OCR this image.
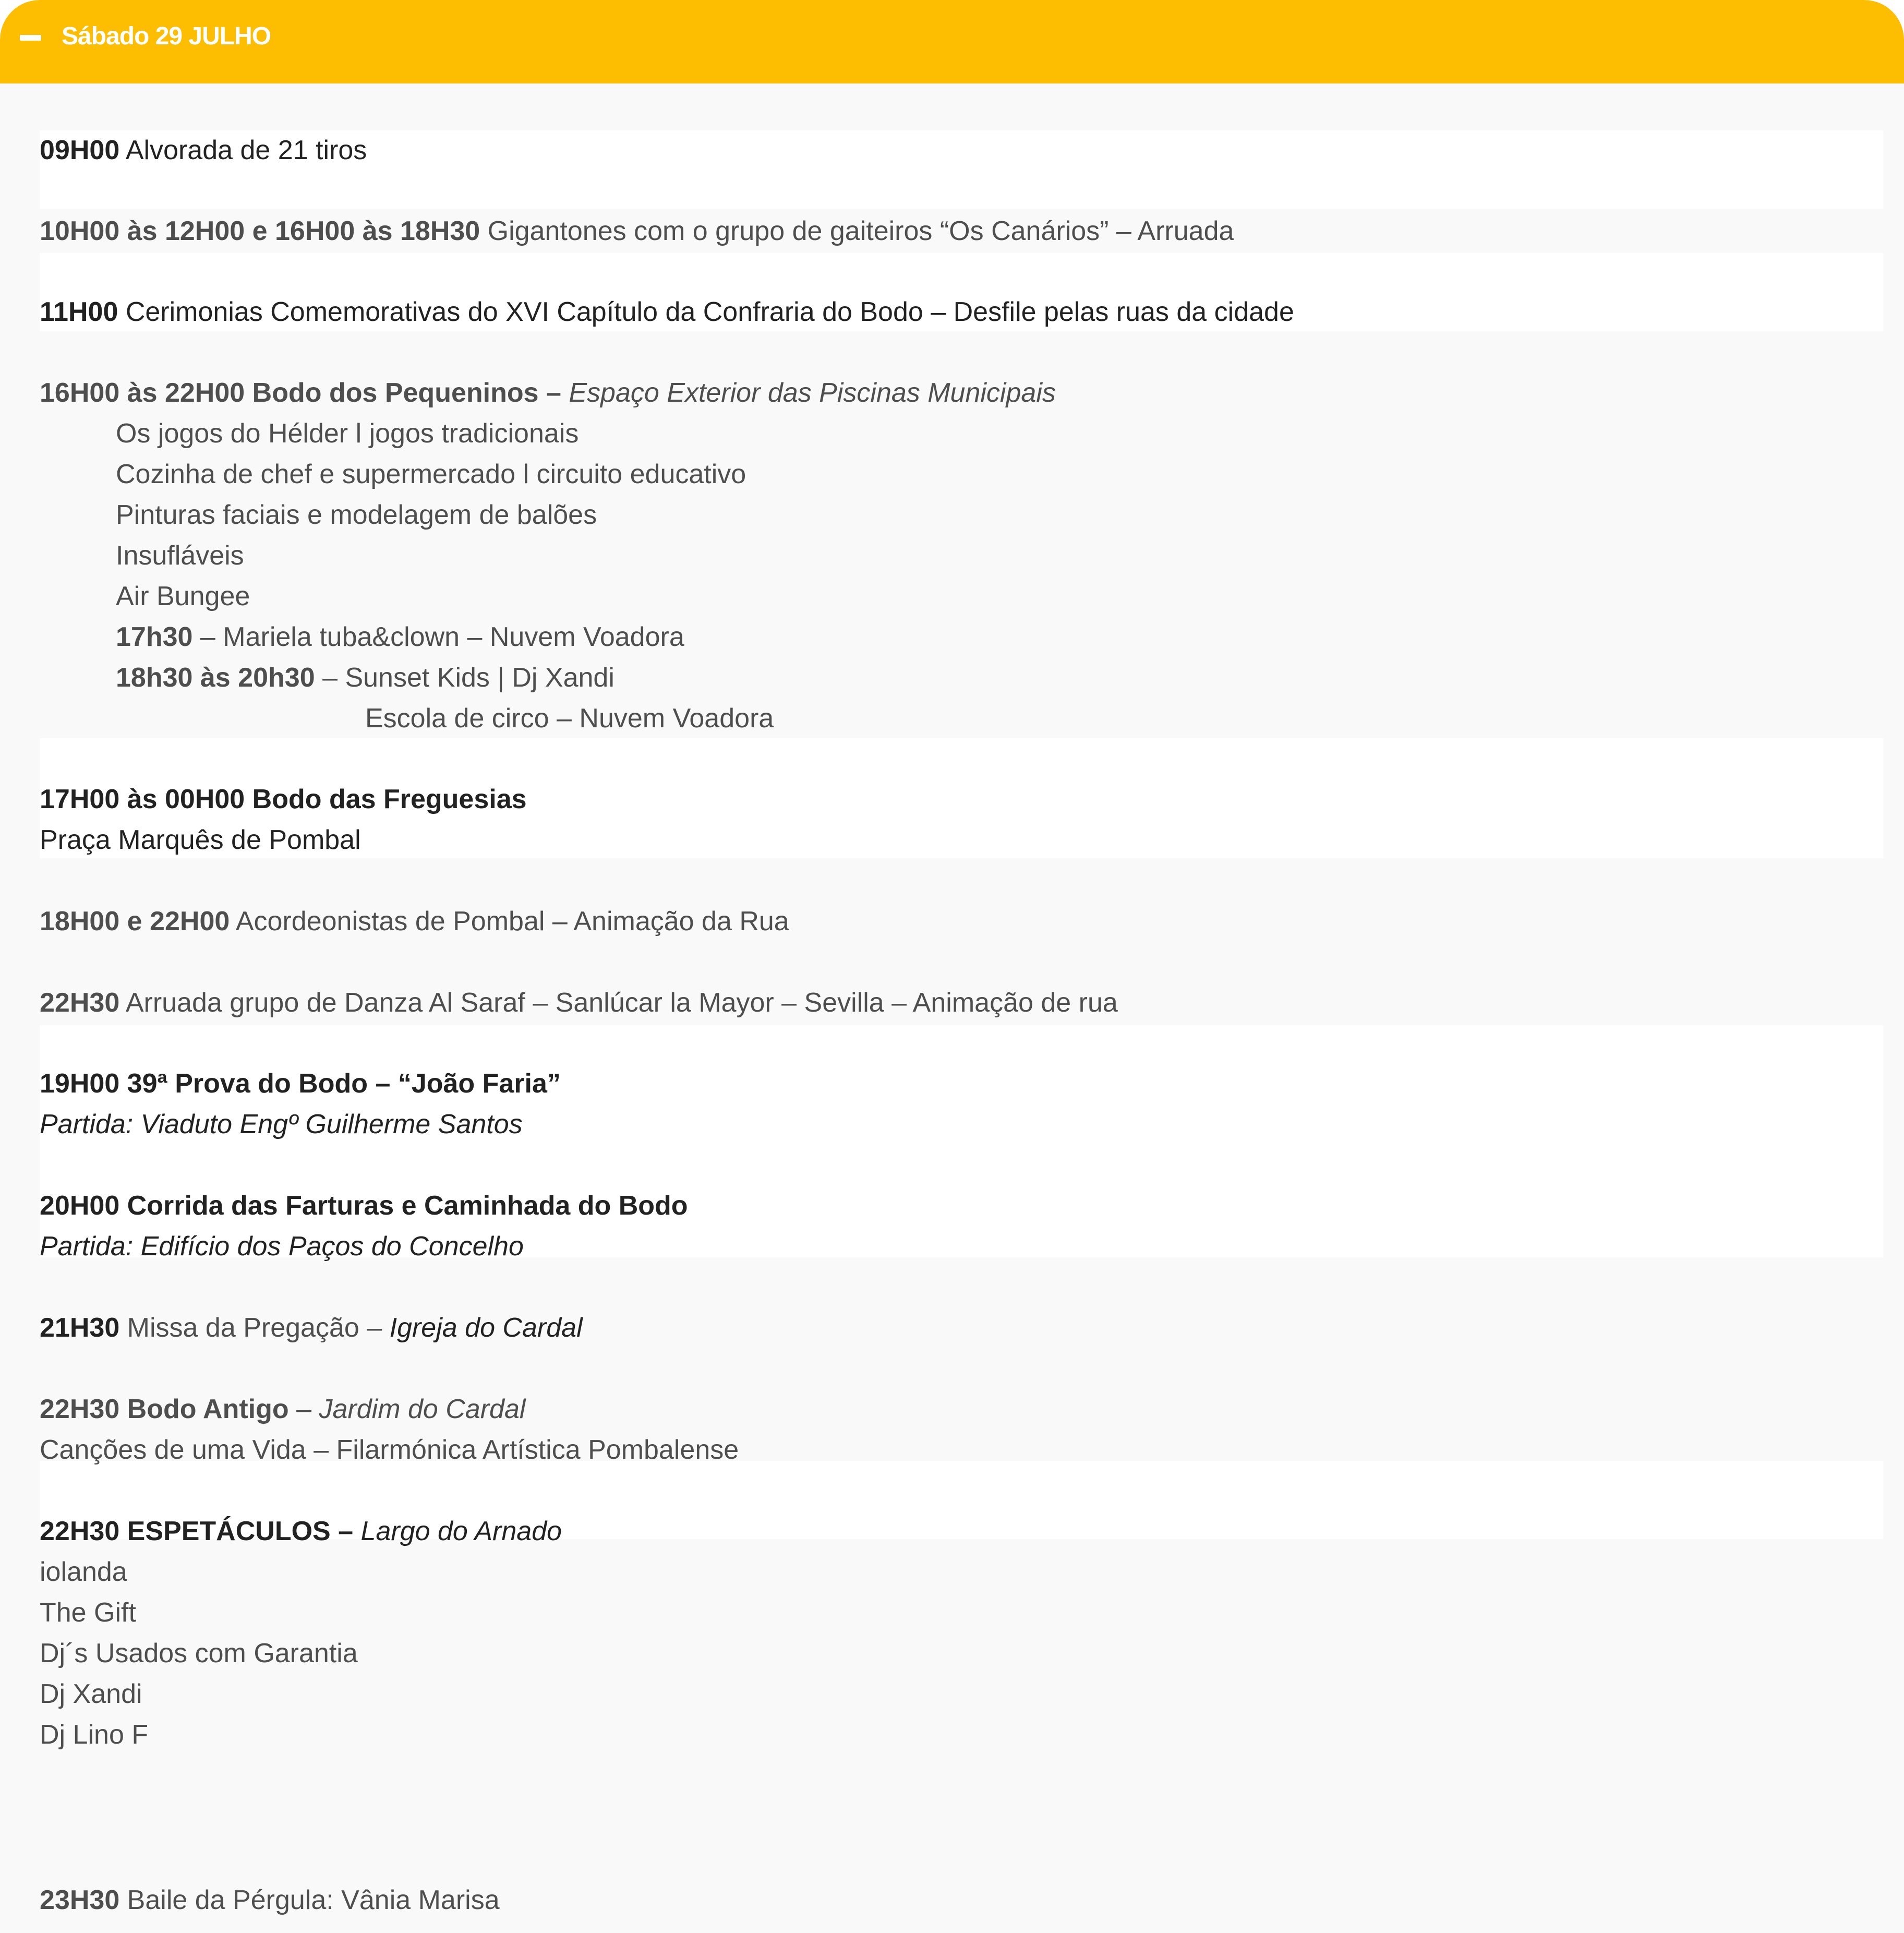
Sábado 29 JULHO
09H00 Alvorada de 21 tiros
10H00 às 12H00 e 16H00 às 18H30 Gigantones com o grupo de gaiteiros “Os Canários” – Arruada
11H00 Cerimonias Comemorativas do XVI Capítulo da Confraria do Bodo – Desfile pelas ruas da cidade
16H00 às 22H00 Bodo dos Pequeninos – Espaço Exterior das Piscinas Municipais
Os jogos do Hélder l jogos tradicionais
Cozinha de chef e supermercado l circuito educativo
Pinturas faciais e modelagem de balões
Insufláveis
Air Bungee
17h30 – Mariela tuba&clown – Nuvem Voadora
18h30 às 20h30 – Sunset Kids | Dj Xandi
Escola de circo – Nuvem Voadora
17H00 às 00H00 Bodo das Freguesias
Praça Marquês de Pombal
18H00 e 22H00 Acordeonistas de Pombal – Animação da Rua
22H30 Arruada grupo de Danza Al Saraf – Sanlúcar la Mayor – Sevilla – Animação de rua
19H00 39ª Prova do Bodo – “João Faria”
Partida: Viaduto Engº Guilherme Santos
20H00 Corrida das Farturas e Caminhada do Bodo
Partida: Edifício dos Paços do Concelho
21H30 Missa da Pregação – Igreja do Cardal
22H30 Bodo Antigo – Jardim do Cardal
Canções de uma Vida – Filarmónica Artística Pombalense
22H30 ESPETÁCULOS – Largo do Arnado
iolanda
The Gift
Dj´s Usados com Garantia
Dj Xandi
Dj Lino F
23H30 Baile da Pérgula: Vânia Marisa
